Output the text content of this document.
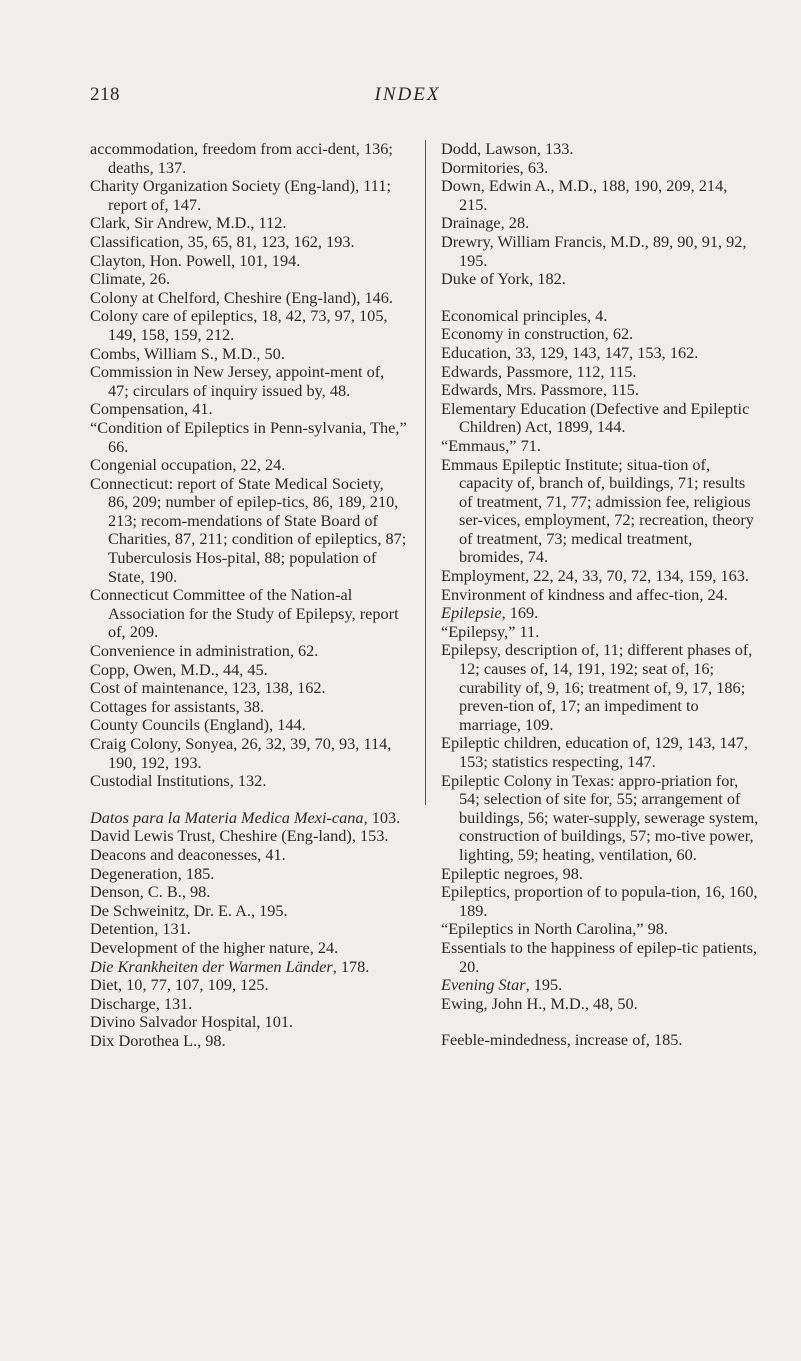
218	INDEX

accommodation, freedom from acci-dent, 136; deaths, 137.

Charity Organization Society (Eng-land), 111; report of, 147.

Clark, Sir Andrew, M.D., 112.

Classification, 35, 65, 81, 123, 162, 193.

Clayton, Hon. Powell, 101, 194.

Climate, 26.

Colony at Chelford, Cheshire (Eng-land), 146.

Colony care of epileptics, 18, 42, 73, 97, 105, 149, 158, 159, 212.

Combs, William S., M.D., 50.

Commission in New Jersey, appoint-ment of, 47; circulars of inquiry issued by, 48.

Compensation, 41.

“Condition of Epileptics in Penn-sylvania, The,” 66.

Congenial occupation, 22, 24.

Connecticut: report of State Medical Society, 86, 209; number of epilep-tics, 86, 189, 210, 213; recom-mendations of State Board of Charities, 87, 211; condition of epileptics, 87; Tuberculosis Hos-pital, 88; population of State, 190.

Connecticut Committee of the Nation-al Association for the Study of Epilepsy, report of, 209.

Convenience in administration, 62.

Copp, Owen, M.D., 44, 45.

Cost of maintenance, 123, 138, 162.

Cottages for assistants, 38.

County Councils (England), 144.

Craig Colony, Sonyea, 26, 32, 39, 70, 93, 114, 190, 192, 193.

Custodial Institutions, 132.

Datos para la Materia Medica Mexi-cana, 103.

David Lewis Trust, Cheshire (Eng-land), 153.

Deacons and deaconesses, 41.

Degeneration, 185.

Denson, C. B., 98.

De Schweinitz, Dr. E. A., 195.

Detention, 131.

Development of the higher nature, 24.

Die Krankheiten der Warmen Länder, 178.

Diet, 10, 77, 107, 109, 125.

Discharge, 131.

Divino Salvador Hospital, 101.

Dix Dorothea L., 98.

Dodd, Lawson, 133.

Dormitories, 63.

Down, Edwin A., M.D., 188, 190, 209, 214, 215.

Drainage, 28.

Drewry, William Francis, M.D., 89, 90, 91, 92, 195.

Duke of York, 182.

Economical principles, 4.

Economy in construction, 62.

Education, 33, 129, 143, 147, 153, 162.

Edwards, Passmore, 112, 115.

Edwards, Mrs. Passmore, 115.

Elementary Education (Defective and Epileptic Children) Act, 1899, 144.

“Emmaus,” 71.

Emmaus Epileptic Institute; situa-tion of, capacity of, branch of, buildings, 71; results of treatment, 71, 77; admission fee, religious ser-vices, employment, 72; recreation, theory of treatment, 73; medical treatment, bromides, 74.

Employment, 22, 24, 33, 70, 72, 134, 159, 163.

Environment of kindness and affec-tion, 24.

Epilepsie, 169.

“Epilepsy,” 11.

Epilepsy, description of, 11; different phases of, 12; causes of, 14, 191, 192; seat of, 16; curability of, 9, 16; treatment of, 9, 17, 186; preven-tion of, 17; an impediment to marriage, 109.

Epileptic children, education of, 129, 143, 147, 153; statistics respecting, 147.

Epileptic Colony in Texas: appro-priation for, 54; selection of site for, 55; arrangement of buildings, 56; water-supply, sewerage system, construction of buildings, 57; mo-tive power, lighting, 59; heating, ventilation, 60.

Epileptic negroes, 98.

Epileptics, proportion of to popula-tion, 16, 160, 189.

“Epileptics in North Carolina,” 98.

Essentials to the happiness of epilep-tic patients, 20.

Evening Star, 195.

Ewing, John H., M.D., 48, 50.

Feeble-mindedness, increase of, 185.
